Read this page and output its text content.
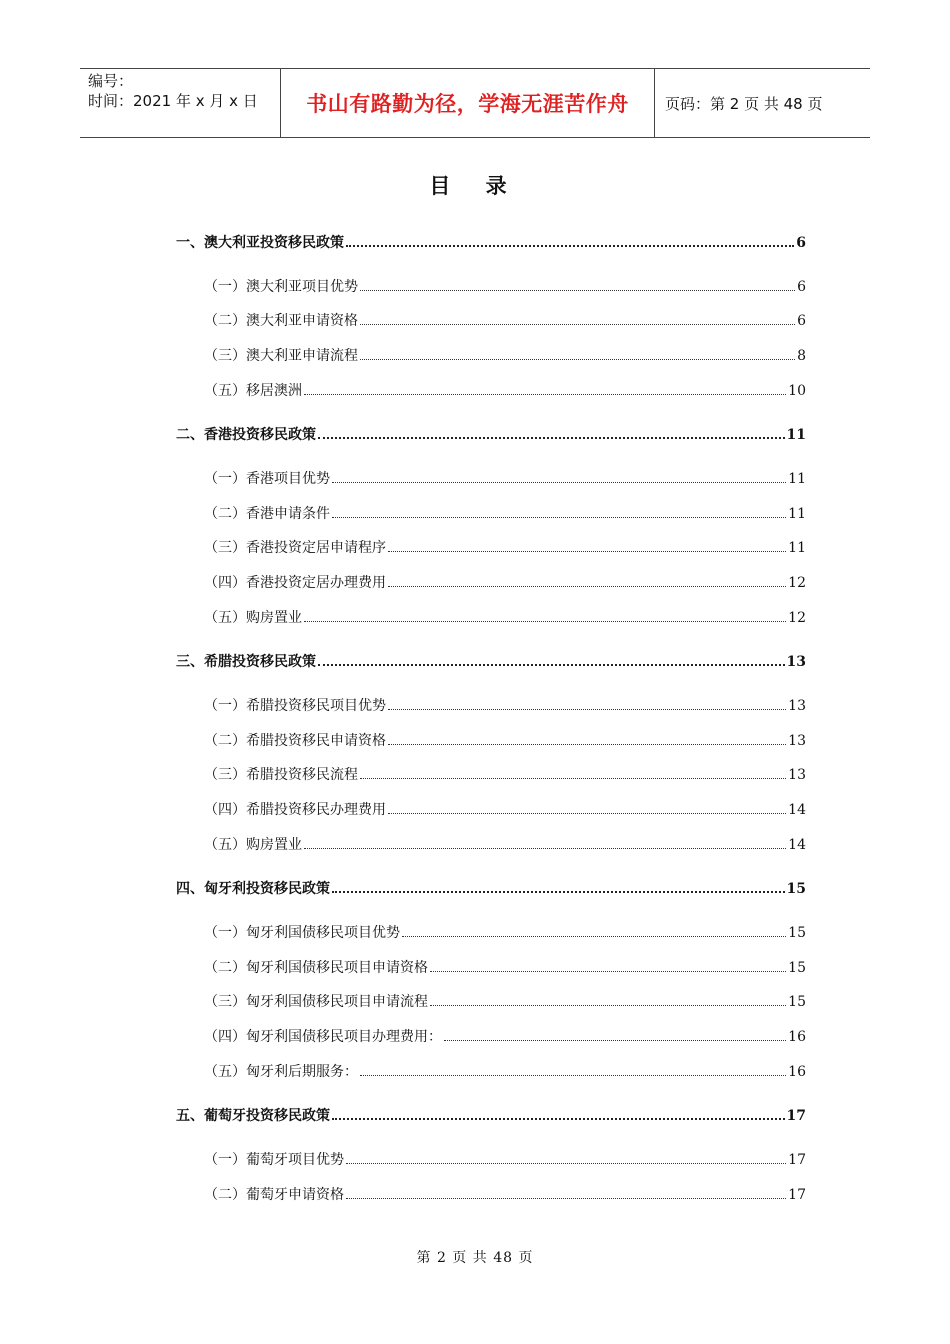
编号：
时间：2021 年 x 月 x 日	书山有路勤为径，学海无涯苦作舟	页码：第 2 页 共 48 页
目 录
一、澳大利亚投资移民政策	6
（一）澳大利亚项目优势	6
（二）澳大利亚申请资格	6
（三）澳大利亚申请流程	8
（五）移居澳洲	10
二、香港投资移民政策	11
（一）香港项目优势	11
（二）香港申请条件	11
（三）香港投资定居申请程序	11
（四）香港投资定居办理费用	12
（五）购房置业	12
三、希腊投资移民政策	13
（一）希腊投资移民项目优势	13
（二）希腊投资移民申请资格	13
（三）希腊投资移民流程	13
（四）希腊投资移民办理费用	14
（五）购房置业	14
四、匈牙利投资移民政策	15
（一）匈牙利国债移民项目优势	15
（二）匈牙利国债移民项目申请资格	15
（三）匈牙利国债移民项目申请流程	15
（四）匈牙利国债移民项目办理费用：	16
（五）匈牙利后期服务：	16
五、葡萄牙投资移民政策	17
（一）葡萄牙项目优势	17
（二）葡萄牙申请资格	17
第 2 页 共 48 页
